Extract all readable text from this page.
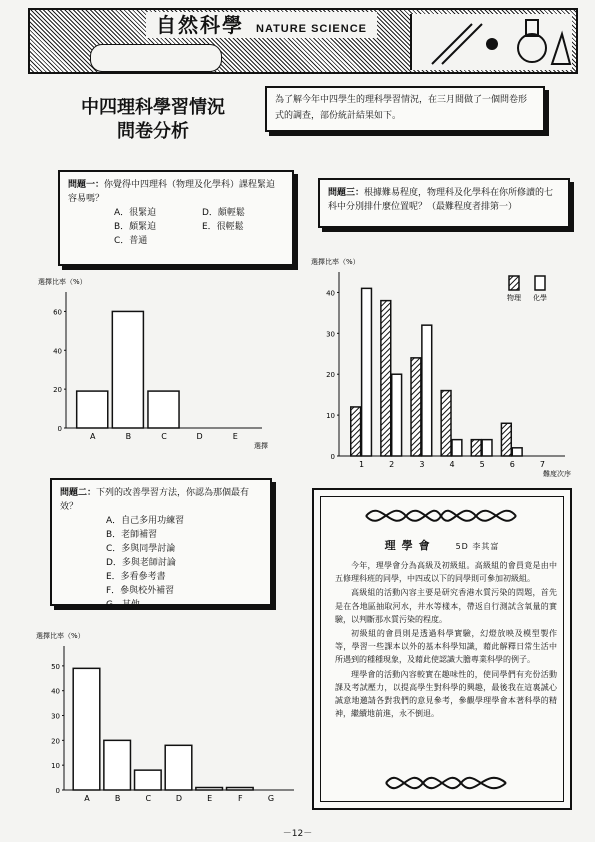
自然科學 NATURE SCIENCE
中四理科學習情況
問卷分析
為了解今年中四學生的理科學習情況，在三月間做了一個問卷形式的調查，部份統計結果如下。
問題一：你覺得中四理科（物理及化學科）課程緊迫容易嗎？
A．很緊迫	D．頗輕鬆
B．頗緊迫	E．很輕鬆
C．普通
問題三：根據難易程度，物理科及化學科在你所修讀的七科中分別排什麼位置呢？（最難程度者排第一）
問題二：下列的改善學習方法，你認為那個最有效？
A．自己多用功練習
B．老師補習
C．多與同學討論
D．多與老師討論
E．多看參考書
F．參與校外補習
G．其他
選擇比率（%）
0
20
40
60
A	B	C	D	E
選擇
選擇比率（%）
0
10
20
30
40
1	2	3	4	5	6	7
難度次序
物理 化學
選擇比率（%）
0
10
20
30
40
50
A	B	C	D	E	F	G
理學會	5D 李其富

今年，理學會分為高級及初級組。高級組的會員竟是由中五修理科班的同學，中四或以下的同學則可參加初級組。

高級組的活動內容主要是研究香港水質污染的問題，首先是在各地區抽取河水，井水等樣本，帶返自行測試含氧量的實驗，以判斷那水質污染的程度。

初級組的會員則是透過科學實驗，幻燈放映及模型製作等，學習一些課本以外的基本科學知識，藉此解釋日常生活中所遇到的種種現象，及藉此使認識大膽專業科學的例子。

理學會的活動內容較實在趣味性的，使同學們有充份活動課及考試壓力，以提高學生對科學的興趣，最後我在這裏誠心誠意地邀請各對我們的意見參考，參觀學理學會本著科學的精神，繼續地前進，永不倒退。

－12－
